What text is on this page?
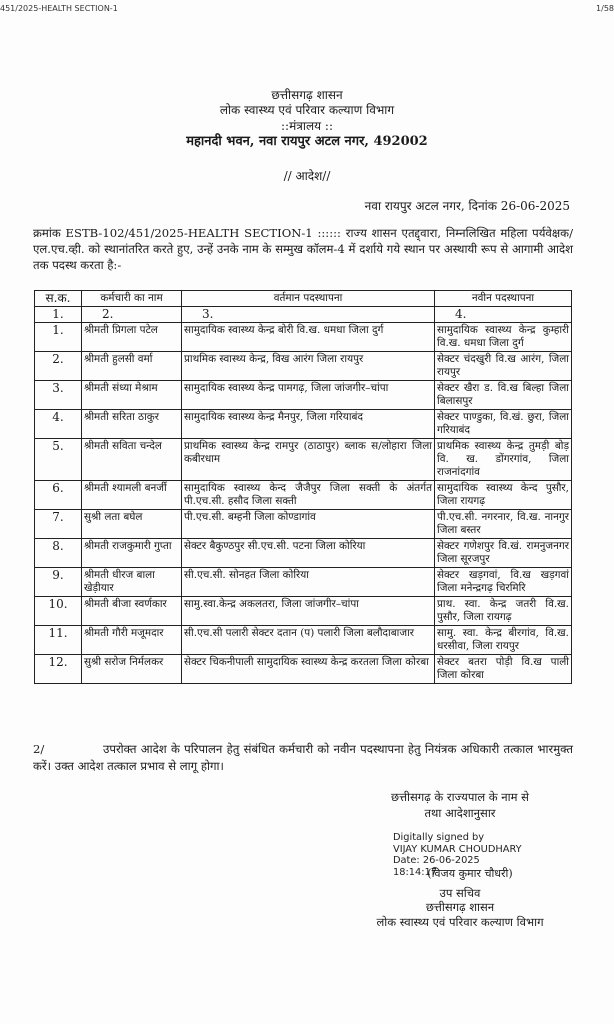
451/2025-HEALTH SECTION-1	1/58
छत्तीसगढ़ शासन
लोक स्वास्थ्य एवं परिवार कल्याण विभाग
::मंत्रालय ::
महानदी भवन, नवा रायपुर अटल नगर, 492002
// आदेश//
नवा रायपुर अटल नगर, दिनांक 26-06-2025
क्रमांक ESTB-102/451/2025-HEALTH SECTION-1 :::::: राज्य शासन एतद्द्वारा, निम्नलिखित महिला पर्यवेक्षक/एल.एच.व्ही. को स्थानांतरित करते हुए, उन्हें उनके नाम के सम्मुख कॉलम-4 में दर्शाये गये स्थान पर अस्थायी रूप से आगामी आदेश तक पदस्थ करता है:-
स.क.	कर्मचारी का नाम	वर्तमान पदस्थापना	नवीन पदस्थापना
1.	2.	3.	4.
1.	श्रीमती प्रिगला पटेल	सामुदायिक स्वास्थ्य केन्द्र बोरी वि.ख. धमधा जिला दुर्ग	सामुदायिक स्वास्थ्य केन्द्र कुम्हारी वि.ख. धमधा जिला दुर्ग
2.	श्रीमती हुलसी वर्मा	प्राथमिक स्वास्थ्य केन्द्र, विख आरंग जिला रायपुर	सेक्टर चंदखुरी वि.ख आरंग, जिला रायपुर
3.	श्रीमती संध्या मेश्राम	सामुदायिक स्वास्थ्य केन्द्र पामगढ़, जिला जांजगीर–चांपा	सेक्टर खैरा ड. वि.ख बिल्हा जिला बिलासपुर
4.	श्रीमती सरिता ठाकुर	सामुदायिक स्वास्थ्य केन्द्र मैनपुर, जिला गरियाबंद	सेक्टर पाण्डुका, वि.खं. छुरा, जिला गरियाबंद
5.	श्रीमती सविता चन्देल	प्राथमिक स्वास्थ्य केन्द्र रामपुर (ठाठापुर) ब्लाक स/लोहारा जिला कबीरधाम	प्राथमिक स्वास्थ्य केन्द्र तुमड़ी बोड़ वि. ख. डोंगरगांव, जिला राजनांदगांव
6.	श्रीमती श्यामली बनर्जी	सामुदायिक स्वास्थ्य केन्द जैजैपुर जिला सक्ती के अंतर्गत पी.एच.सी. हसौद जिला सक्ती	सामुदायिक स्वास्थ्य केन्द पुसौर, जिला रायगढ़
7.	सुश्री लता बघेल	पी.एच.सी. बम्हनी जिला कोण्डागांव	पी.एच.सी. नगरनार, वि.ख. नानगुर जिला बस्तर
8.	श्रीमती राजकुमारी गुप्ता	सेक्टर बैकुण्ठपुर सी.एच.सी. पटना जिला कोरिया	सेक्टर गणेशपुर वि.खं. रामनुजनगर जिला सूरजपुर
9.	श्रीमती धीरज बाला खेड़ीयार	सी.एच.सी. सोनहत जिला कोरिया	सेक्टर खड़गवां, वि.ख खड़गवां जिला मनेन्द्रगढ़ चिरमिरि
10.	श्रीमती बीजा स्वर्णकार	सामु.स्वा.केन्द्र अकलतरा, जिला जांजगीर–चांपा	प्राथ. स्वा. केन्द्र जतरी वि.ख. पुसौर, जिला रायगढ़
11.	श्रीमती गौरी मजूमदार	सी.एच.सी पलारी सेक्टर दतान (प) पलारी जिला बलौदाबाजार	सामु. स्वा. केन्द्र बीरगांव, वि.ख. धरसीवा, जिला रायपुर
12.	सुश्री सरोज निर्मलकर	सेक्टर चिकनीपाली सामुदायिक स्वास्थ्य केन्द्र करतला जिला कोरबा	सेक्टर बतरा पोड़ी वि.ख पाली जिला कोरबा
2/	उपरोक्त आदेश के परिपालन हेतु संबंधित कर्मचारी को नवीन पदस्थापना हेतु नियंत्रक अधिकारी तत्काल भारमुक्त करें। उक्त आदेश तत्काल प्रभाव से लागू होगा।
छत्तीसगढ़ के राज्यपाल के नाम से
तथा आदेशानुसार
Digitally signed by
VIJAY KUMAR CHOUDHARY
Date: 26-06-2025
18:14:17
(विजय कुमार चौधरी)
उप सचिव
छत्तीसगढ़ शासन
लोक स्वास्थ्य एवं परिवार कल्याण विभाग
